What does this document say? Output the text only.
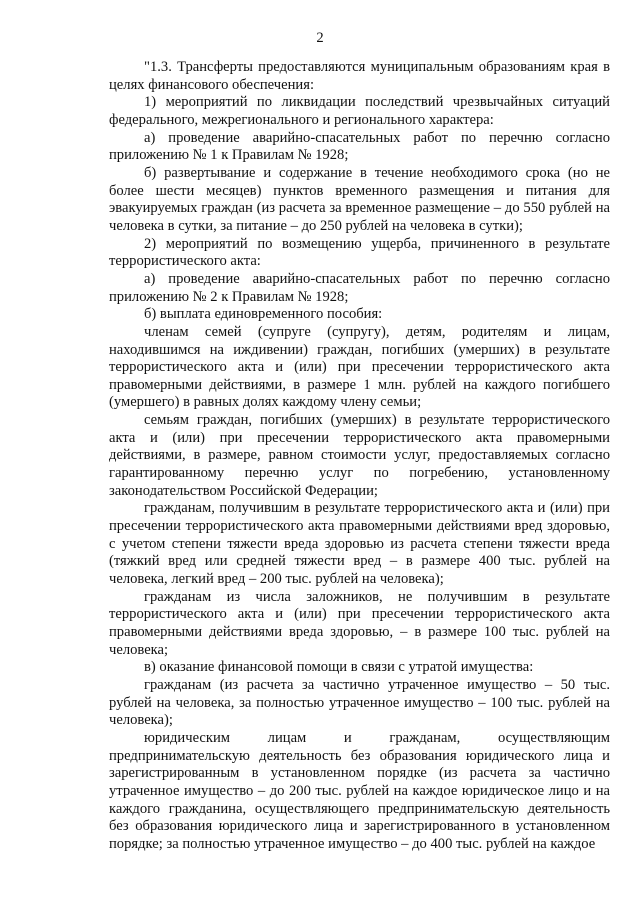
2

"1.3. Трансферты предоставляются муниципальным образованиям края в целях финансового обеспечения:

1) мероприятий по ликвидации последствий чрезвычайных ситуаций федерального, межрегионального и регионального характера:

а) проведение аварийно-спасательных работ по перечню согласно приложению № 1 к Правилам № 1928;

б) развертывание и содержание в течение необходимого срока (но не более шести месяцев) пунктов временного размещения и питания для эвакуируемых граждан (из расчета за временное размещение – до 550 рублей на человека в сутки, за питание – до 250 рублей на человека в сутки);

2) мероприятий по возмещению ущерба, причиненного в результате террористического акта:

а) проведение аварийно-спасательных работ по перечню согласно приложению № 2 к Правилам № 1928;

б) выплата единовременного пособия:

членам семей (супруге (супругу), детям, родителям и лицам, находившимся на иждивении) граждан, погибших (умерших) в результате террористического акта и (или) при пресечении террористического акта правомерными действиями, в размере 1 млн. рублей на каждого погибшего (умершего) в равных долях каждому члену семьи;

семьям граждан, погибших (умерших) в результате террористического акта и (или) при пресечении террористического акта правомерными действиями, в размере, равном стоимости услуг, предоставляемых согласно гарантированному перечню услуг по погребению, установленному законодательством Российской Федерации;

гражданам, получившим в результате террористического акта и (или) при пресечении террористического акта правомерными действиями вред здоровью, с учетом степени тяжести вреда здоровью из расчета степени тяжести вреда (тяжкий вред или средней тяжести вред – в размере 400 тыс. рублей на человека, легкий вред – 200 тыс. рублей на человека);

гражданам из числа заложников, не получившим в результате террористического акта и (или) при пресечении террористического акта правомерными действиями вреда здоровью, – в размере 100 тыс. рублей на человека;

в) оказание финансовой помощи в связи с утратой имущества:

гражданам (из расчета за частично утраченное имущество – 50 тыс. рублей на человека, за полностью утраченное имущество – 100 тыс. рублей на человека);

юридическим лицам и гражданам, осуществляющим предпринимательскую деятельность без образования юридического лица и зарегистрированным в установленном порядке (из расчета за частично утраченное имущество – до 200 тыс. рублей на каждое юридическое лицо и на каждого гражданина, осуществляющего предпринимательскую деятельность без образования юридического лица и зарегистрированного в установленном порядке; за полностью утраченное имущество – до 400 тыс. рублей на каждое
